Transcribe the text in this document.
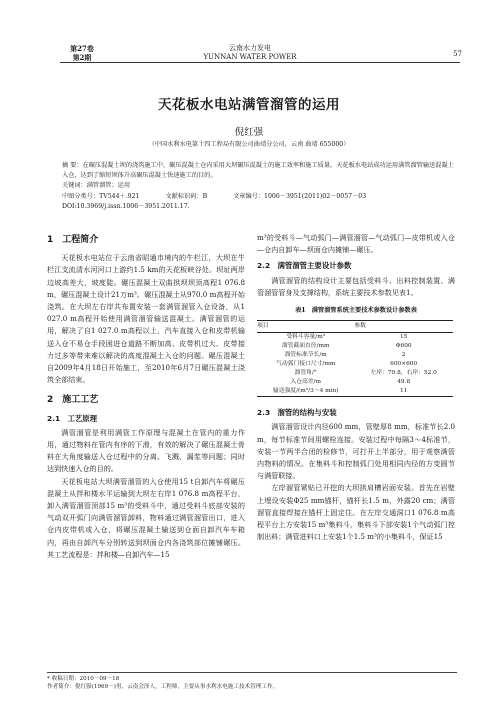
第27卷
第2期
云南水力发电
YUNNAN WATER POWER	57
天花板水电站满管溜管的运用
倪红强
（中国水利水电第十四工程局有限公司曲靖分公司，云南 曲靖 655000）
摘 要：在碾压混凝土坝的浇筑施工中，碾压混凝土仓内采用大坝碾压混凝土的施工效率和施工质量。天花板水电站成功运用满管溜管输送混凝土入仓，达到了缩短坝体升高碾压混凝土快速施工的目的。
关键词：满管溜管；运用
中图分类号：TV544＋.921	文献标识码：B	文章编号：1006－3951(2011)02－0057－03
DOI:10.3969/j.issn.1006－3951.2011.17.
1　工程简介

天花板水电站位于云南省昭通市境内的牛栏江，大坝在牛栏江支流清水河河口上游约1.5 km的天花板峡谷处。坝址两岸边坡高差大，坡度陡。碾压混凝土双曲拱坝坝顶高程1 076.8 m，碾压混凝土设计21万m³。碾压混凝土从970.0 m高程开始浇筑。在大坝左右岸共布置安装一套满管溜管入仓设备，从1 027.0 m高程开始使用满管溜管输送混凝土。满管溜管的运用，解决了自1 027.0 m高程以上，汽车直接入仓和皮带机输送入仓不易仓手段困进仓道路不断加高、皮带机过大、皮带接力过多等带来难以解决的高度混凝土入仓的问题。碾压混凝土自2009年4月18日开始施工，至2010年6月7日碾压混凝土浇筑全部结束。

2　施工工艺
2.1　工艺原理

满管溜管是利用满管工作原理与混凝土在管内的重力作用，通过物料在管内有序的下滑，有效的解决了碾压混凝土骨料在大角度输送入仓过程中的分离、飞溅、漏浆等问题；同时达到快速入仓的目的。

天花板电站大坝满管溜管的入仓使用15 t自卸汽车将碾压混凝土从拌和楼水平运输到大坝左右岸1 076.8 m高程平台，卸入满管溜管顶部15 m³的受料斗中，通过受料斗底部安装的气动双开弧门向满管溜管卸料，物料通过满管溜管出口，进入仓内皮带机或入仓，将碾压混凝土输送到仓面自卸汽车车箱内，再由自卸汽车分别转送到坝面仓内各浇筑部位摊铺碾压。其工艺流程是：拌和楼—自卸汽车—15

m³的受料斗—气动弧门—满管溜管—气动弧门—皮带机或入仓—仓内自卸车—坝面仓内摊铺—碾压。

2.2　满管溜管主要设计参数

满管溜管的结构设计主要包括受料斗、出料控制装置、满管溜管管身及支撑结构，系统主要技术参数见表1。

表1　满管溜管系统主要技术参数设计参数表
项目	参数
受料斗容量/m³	15
溜管截面直径/mm	Φ600
溜管标准节长/m	2
气动弧门接口尺寸/mm	600×600
溜管角/°	左岸：79.8，右岸：52.0
入仓高差/m	49.8
输送强度/(m³/3～4 min)	11
2.3　溜管的结构与安装

满管溜管设计内径600 mm，管壁厚8 mm，标准节长2.0 m，每节标准节间用螺栓连接。安装过程中每隔3～4标准节，安装一节两半合闭的检修节，可打开上半部分，用于观察满管内物料的情况。在集料斗和控制弧门处用相同内径的方变圆节与满管联接。

左岸溜管紧贴已开挖的大坝拱肩槽岩面安装。首先在岩壁上埋设安装Φ25 mm锚杆，锚杆长1.5 m，外露20 cm；满管溜管直接焊接在锚杆上固定住。在左岸交通洞口1 076.8 m高程平台上方安装15 m³集料斗，集料斗下部安装1个气动弧门控制出料；满管进料口上安装1个1.5 m³的小集料斗，保证15

* 收稿日期：2010－09－18
作者简介：倪红强(1969－)男，云南会泽人，工程师，主要从事水利水电施工技术管理工作。
